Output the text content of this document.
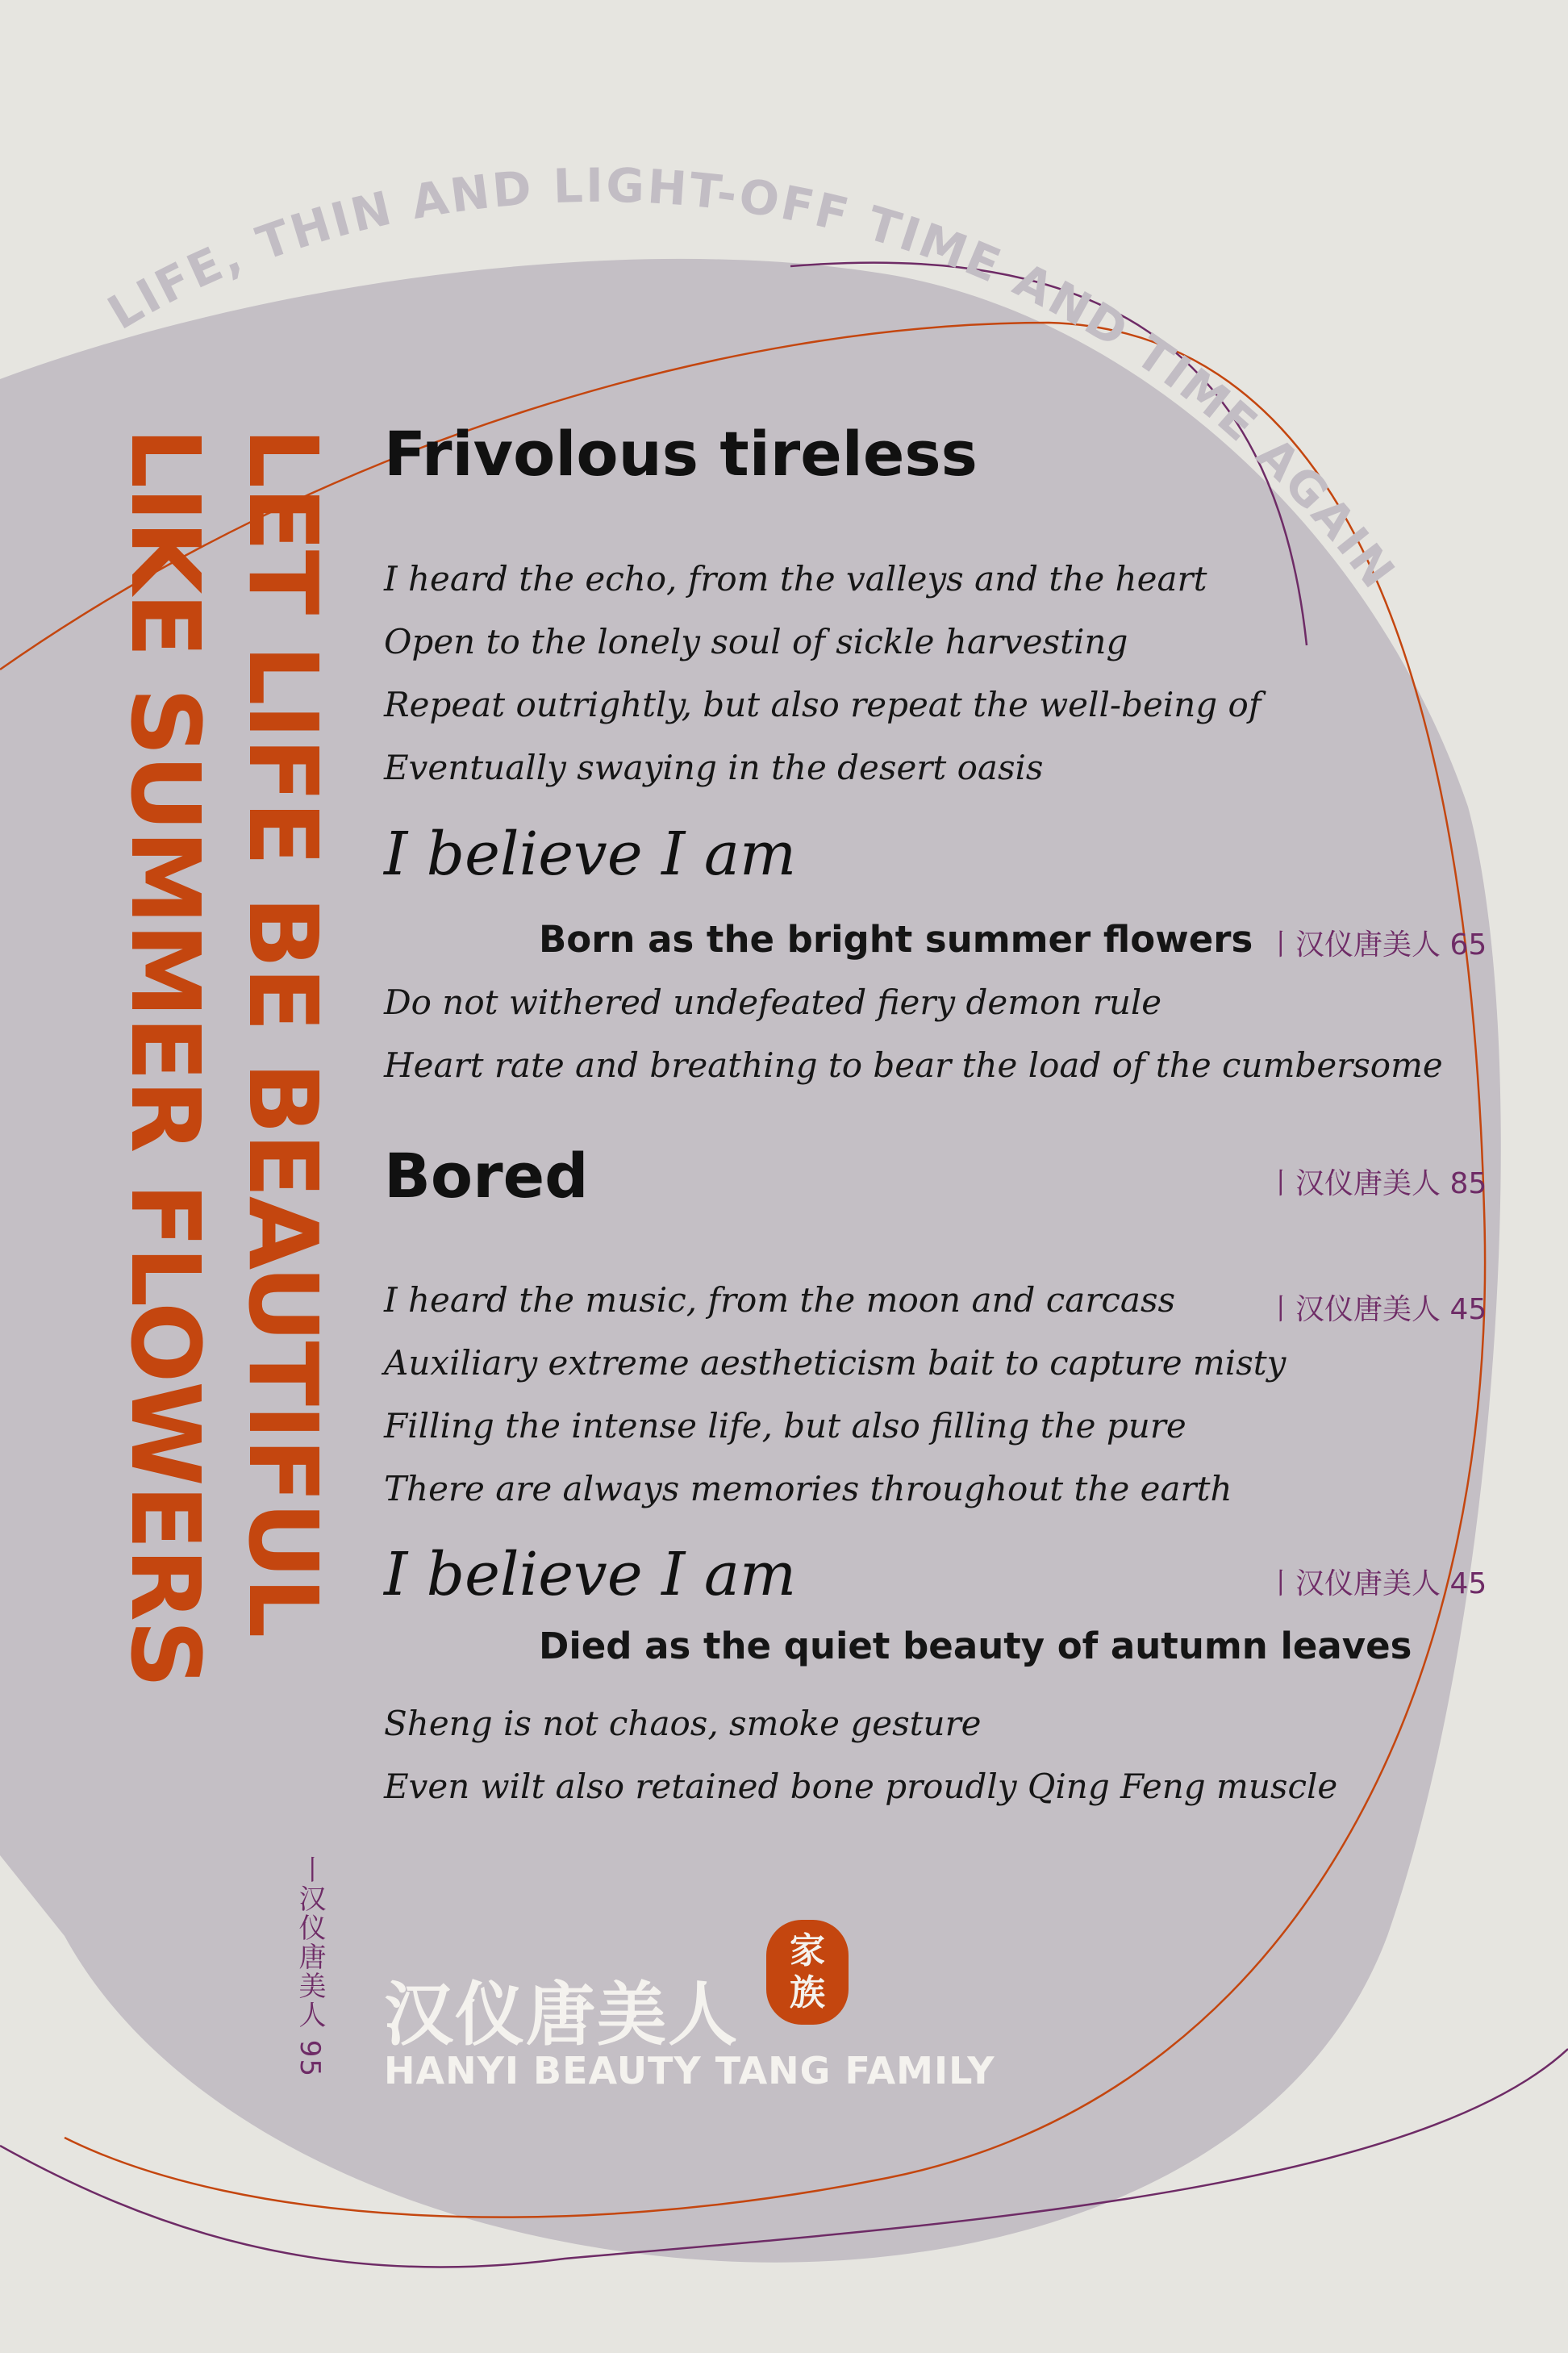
LIFE, THIN AND LIGHT-OFF TIME AND TIME AGAIN
LET LIFE BE BEAUTIFUL
LIKE SUMMER FLOWERS
丨汉仪唐美人 95
Frivolous tireless
I heard the echo, from the valleys and the heart
Open to the lonely soul of sickle harvesting
Repeat outrightly, but also repeat the well-being of
Eventually swaying in the desert oasis
I believe I am
Born as the bright summer flowers 丨汉仪唐美人 65
Do not withered undefeated fiery demon rule
Heart rate and breathing to bear the load of the cumbersome
Bored	丨汉仪唐美人 85
I heard the music, from the moon and carcass	丨汉仪唐美人 45
Auxiliary extreme aestheticism bait to capture misty
Filling the intense life, but also filling the pure
There are always memories throughout the earth
I believe I am	丨汉仪唐美人 45
Died as the quiet beauty of autumn leaves
Sheng is not chaos, smoke gesture
Even wilt also retained bone proudly Qing Feng muscle
汉仪唐美人
家
族
HANYI BEAUTY TANG FAMILY
